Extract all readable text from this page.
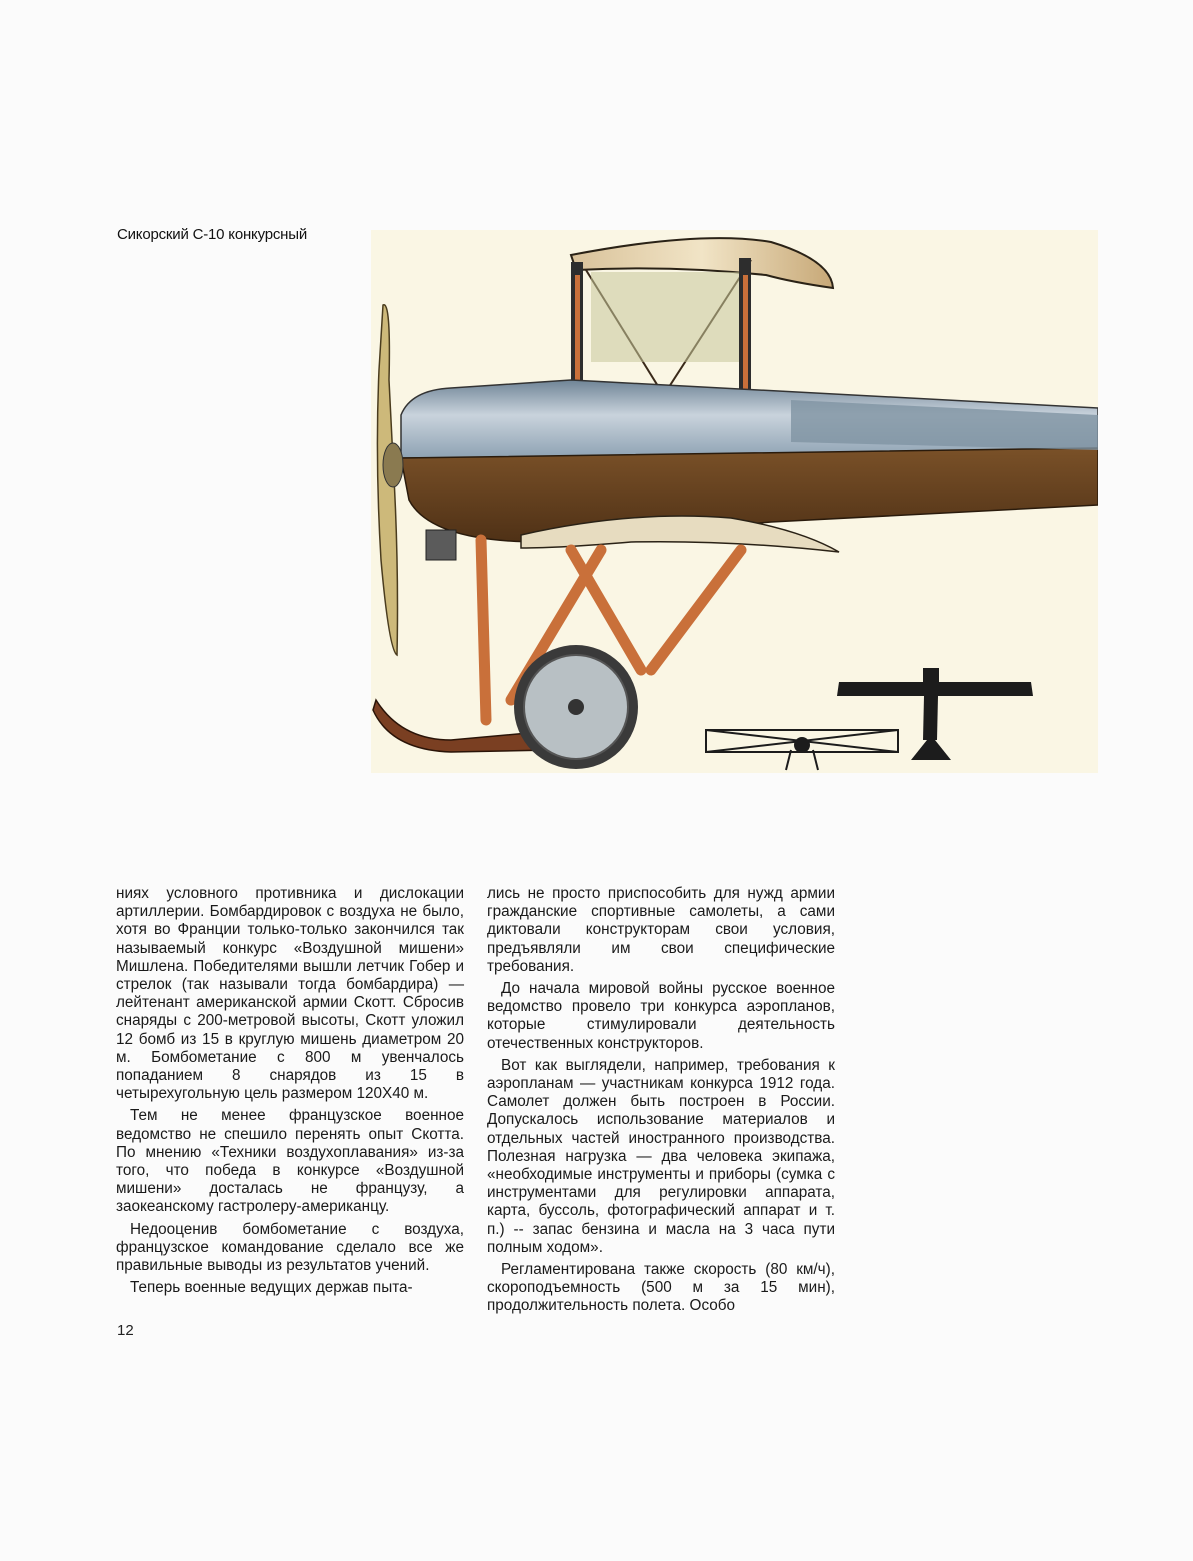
Сикорский С-10 конкурсный

ниях условного противника и дислокации артиллерии. Бомбардировок с воздуха не было, хотя во Франции только-только закончился так называемый конкурс «Воздушной мишени» Мишлена. Победителями вышли летчик Гобер и стрелок (так называли тогда бомбардира) — лейтенант американской армии Скотт. Сбросив снаряды с 200-метровой высоты, Скотт уложил 12 бомб из 15 в круглую мишень диаметром 20 м. Бомбометание с 800 м увенчалось попаданием 8 снарядов из 15 в четырехугольную цель размером 120Х40 м.

Тем не менее французское военное ведомство не спешило перенять опыт Скотта. По мнению «Техники воздухоплавания» из-за того, что победа в конкурсе «Воздушной мишени» досталась не французу, а заокеанскому гастролеру-американцу.

Недооценив бомбометание с воздуха, французское командование сделало все же правильные выводы из результатов учений.

Теперь военные ведущих держав пыта-

лись не просто приспособить для нужд армии гражданские спортивные самолеты, а сами диктовали конструкторам свои условия, предъявляли им свои специфические требования.

До начала мировой войны русское военное ведомство провело три конкурса аэропланов, которые стимулировали деятельность отечественных конструкторов.

Вот как выглядели, например, требования к аэропланам — участникам конкурса 1912 года. Самолет должен быть построен в России. Допускалось использование материалов и отдельных частей иностранного производства. Полезная нагрузка — два человека экипажа, «необходимые инструменты и приборы (сумка с инструментами для регулировки аппарата, карта, буссоль, фотографический аппарат и т. п.) -- запас бензина и масла на 3 часа пути полным ходом».

Регламентирована также скорость (80 км/ч), скороподъемность (500 м за 15 мин), продолжительность полета. Особо

12
